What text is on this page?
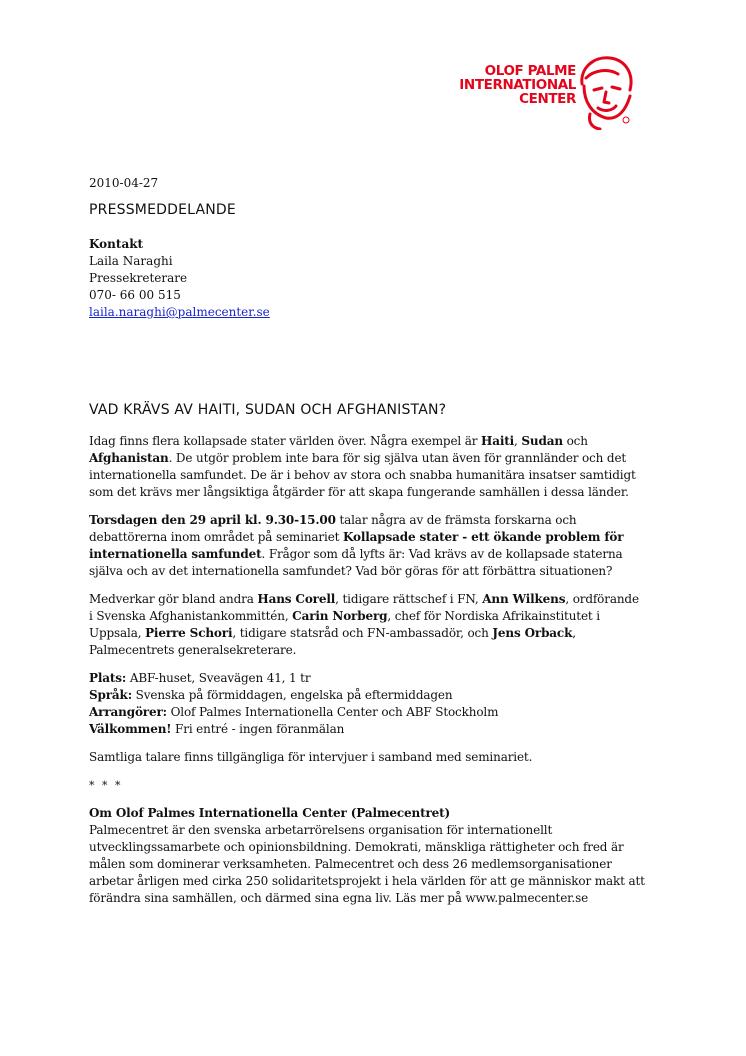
OLOF PALME
INTERNATIONAL
CENTER
2010-04-27
PRESSMEDDELANDE
Kontakt
Laila Naraghi
Pressekreterare
070- 66 00 515
laila.naraghi@palmecenter.se
VAD KRÄVS AV HAITI, SUDAN OCH AFGHANISTAN?

Idag finns flera kollapsade stater världen över. Några exempel är Haiti, Sudan och
Afghanistan. De utgör problem inte bara för sig själva utan även för grannländer och det
internationella samfundet. De är i behov av stora och snabba humanitära insatser samtidigt
som det krävs mer långsiktiga åtgärder för att skapa fungerande samhällen i dessa länder.

Torsdagen den 29 april kl. 9.30-15.00 talar några av de främsta forskarna och
debattörerna inom området på seminariet Kollapsade stater - ett ökande problem för
internationella samfundet. Frågor som då lyfts är: Vad krävs av de kollapsade staterna
själva och av det internationella samfundet? Vad bör göras för att förbättra situationen?

Medverkar gör bland andra Hans Corell, tidigare rättschef i FN, Ann Wilkens, ordförande
i Svenska Afghanistankommittén, Carin Norberg, chef för Nordiska Afrikainstitutet i
Uppsala, Pierre Schori, tidigare statsråd och FN-ambassadör, och Jens Orback,
Palmecentrets generalsekreterare.

Plats: ABF-huset, Sveavägen 41, 1 tr
Språk: Svenska på förmiddagen, engelska på eftermiddagen
Arrangörer: Olof Palmes Internationella Center och ABF Stockholm
Välkommen! Fri entré - ingen föranmälan

Samtliga talare finns tillgängliga för intervjuer i samband med seminariet.

* * *

Om Olof Palmes Internationella Center (Palmecentret)
Palmecentret är den svenska arbetarrörelsens organisation för internationellt
utvecklingssamarbete och opinionsbildning. Demokrati, mänskliga rättigheter och fred är
målen som dominerar verksamheten. Palmecentret och dess 26 medlemsorganisationer
arbetar årligen med cirka 250 solidaritetsprojekt i hela världen för att ge människor makt att
förändra sina samhällen, och därmed sina egna liv. Läs mer på www.palmecenter.se
